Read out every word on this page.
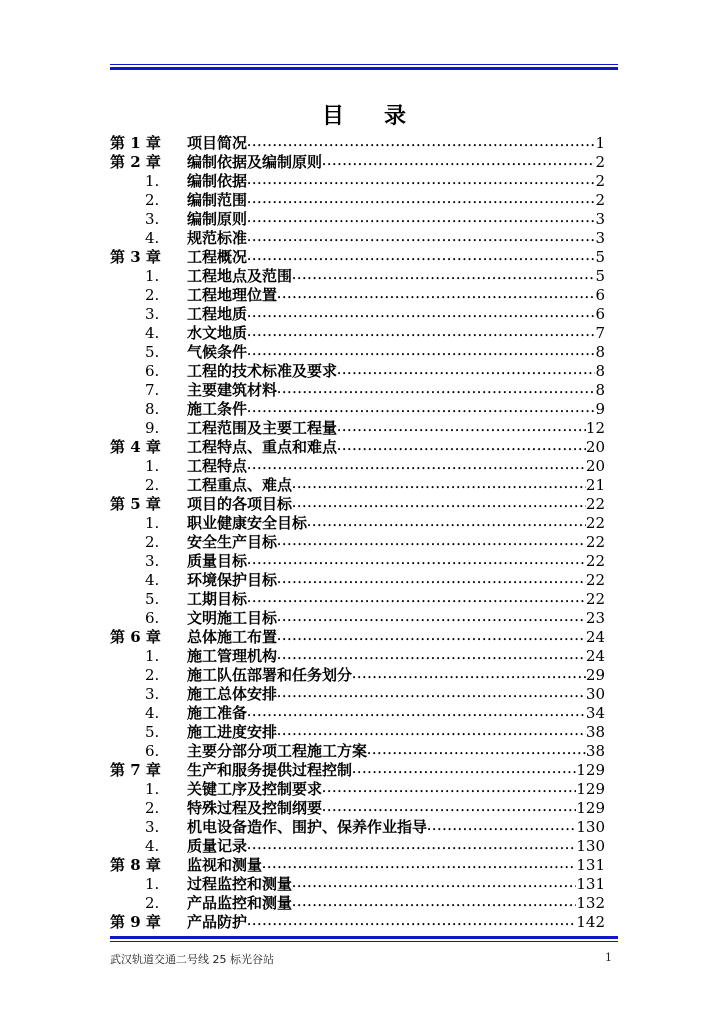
目录
第 1 章 项目简况 •••••	1
第 2 章 编制依据及编制原则 •••••	2
1. 编制依据 •••••	2
2. 编制范围 •••••	2
3. 编制原则 •••••	3
4. 规范标准 •••••	3
第 3 章 工程概况 •••••	5
1. 工程地点及范围 •••••	5
2. 工程地理位置 •••••	6
3. 工程地质 •••••	6
4. 水文地质 •••••	7
5. 气候条件 •••••	8
6. 工程的技术标准及要求 •••••	8
7. 主要建筑材料 •••••	8
8. 施工条件 •••••	9
9. 工程范围及主要工程量 •••••	12
第 4 章 工程特点、重点和难点 •••••	20
1. 工程特点 •••••	20
2. 工程重点、难点 •••••	21
第 5 章 项目的各项目标 •••••	22
1. 职业健康安全目标 •••••	22
2. 安全生产目标 •••••	22
3. 质量目标 •••••	22
4. 环境保护目标 •••••	22
5. 工期目标 •••••	22
6. 文明施工目标 •••••	23
第 6 章 总体施工布置 •••••	24
1. 施工管理机构 •••••	24
2. 施工队伍部署和任务划分 •••••	29
3. 施工总体安排 •••••	30
4. 施工准备 •••••	34
5. 施工进度安排 •••••	38
6. 主要分部分项工程施工方案 •••••	38
第 7 章 生产和服务提供过程控制 •••••	129
1. 关键工序及控制要求 •••••	129
2. 特殊过程及控制纲要 •••••	129
3. 机电设备造作、围护、保养作业指导 •••••	130
4. 质量记录 •••••	130
第 8 章 监视和测量 •••••	131
1. 过程监控和测量 •••••	131
2. 产品监控和测量 •••••	132
第 9 章 产品防护 •••••	142
武汉轨道交通二号线 25 标光谷站	1
